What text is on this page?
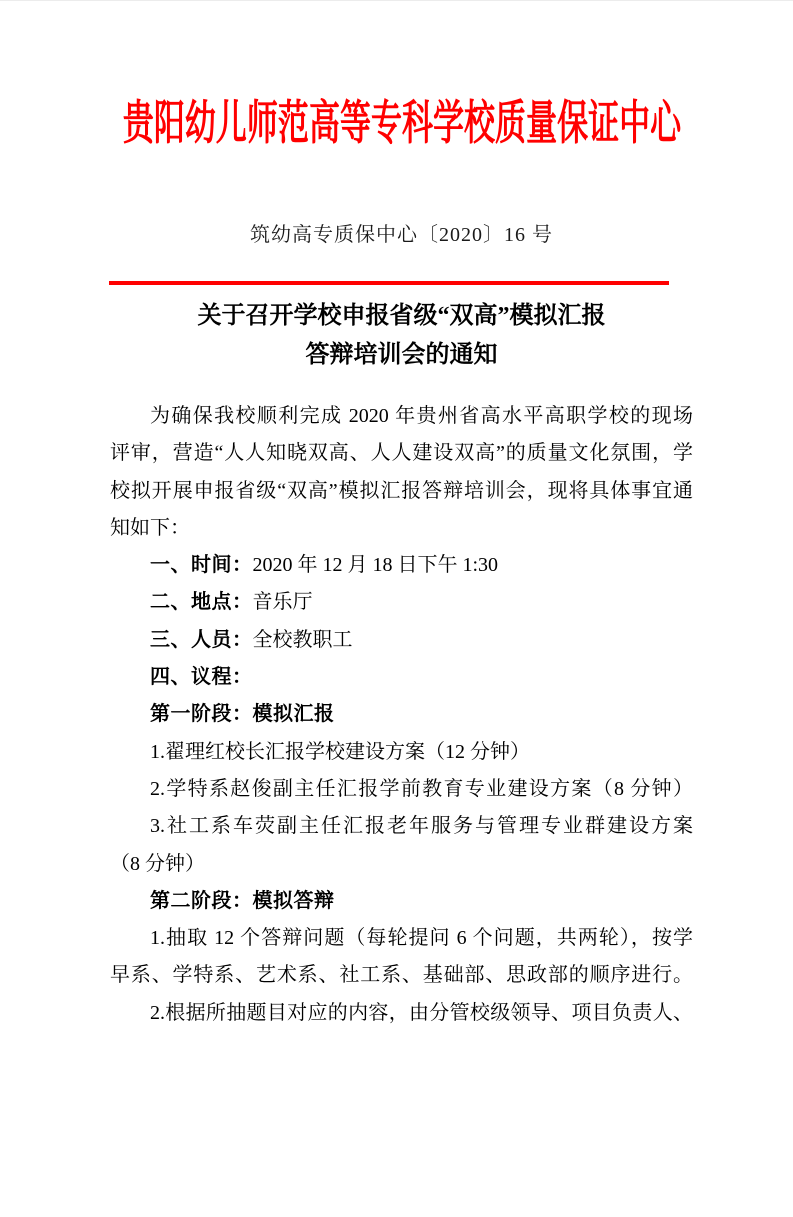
贵阳幼儿师范高等专科学校质量保证中心
筑幼高专质保中心〔2020〕16 号
关于召开学校申报省级“双高”模拟汇报
答辩培训会的通知
为确保我校顺利完成 2020 年贵州省高水平高职学校的现场
评审，营造“人人知晓双高、人人建设双高”的质量文化氛围，学
校拟开展申报省级“双高”模拟汇报答辩培训会，现将具体事宜通
知如下：
一、时间：2020 年 12 月 18 日下午 1:30
二、地点：音乐厅
三、人员：全校教职工
四、议程：
第一阶段：模拟汇报
1.翟理红校长汇报学校建设方案（12 分钟）
2.学特系赵俊副主任汇报学前教育专业建设方案（8 分钟）
3.社工系车荧副主任汇报老年服务与管理专业群建设方案
（8 分钟）
第二阶段：模拟答辩
1.抽取 12 个答辩问题（每轮提问 6 个问题，共两轮），按学
早系、学特系、艺术系、社工系、基础部、思政部的顺序进行。
2.根据所抽题目对应的内容，由分管校级领导、项目负责人、
